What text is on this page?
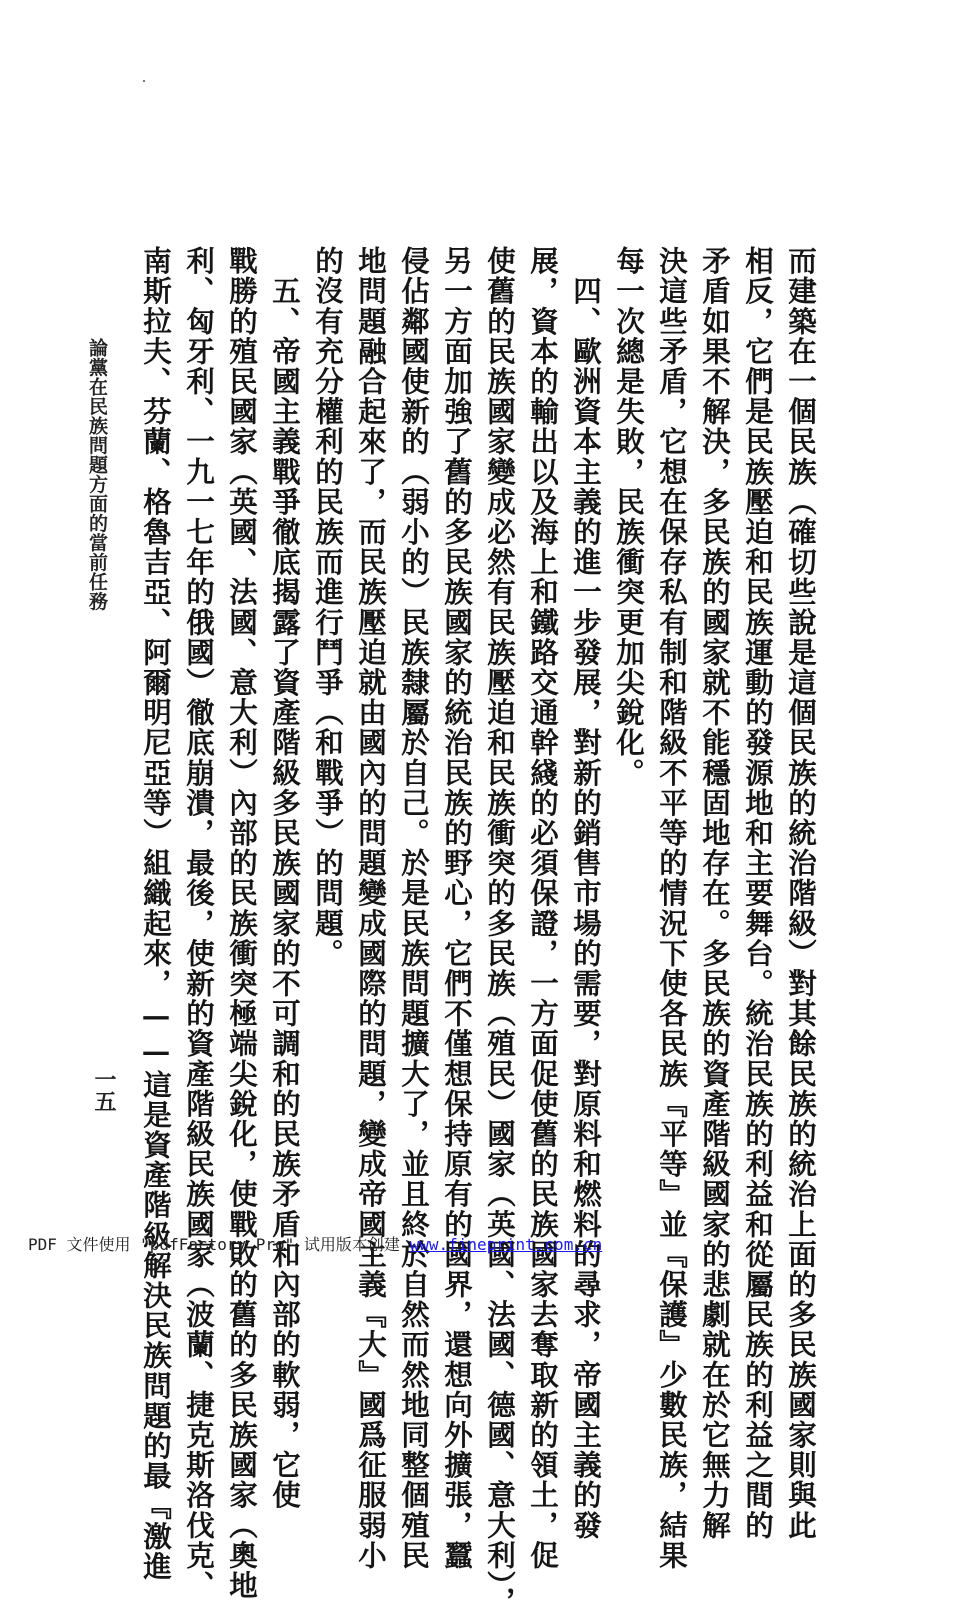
而建築在一個民族（確切些說是這個民族的統治階級）對其餘民族的統治上面的多民族國家則與此
相反，它們是民族壓迫和民族運動的發源地和主要舞台。統治民族的利益和從屬民族的利益之間的
矛盾如果不解決，多民族的國家就不能穩固地存在。多民族的資產階級國家的悲劇就在於它無力解
決這些矛盾，它想在保存私有制和階級不平等的情況下使各民族『平等』並『保護』少數民族，結果
每一次總是失敗，民族衝突更加尖銳化。
　四、歐洲資本主義的進一步發展，對新的銷售市場的需要，對原料和燃料的尋求，帝國主義的發
展，資本的輸出以及海上和鐵路交通幹綫的必須保證，一方面促使舊的民族國家去奪取新的領土，促
使舊的民族國家變成必然有民族壓迫和民族衝突的多民族（殖民）國家（英國、法國、德國、意大利），
另一方面加強了舊的多民族國家的統治民族的野心，它們不僅想保持原有的國界，還想向外擴張，蠶
侵佔鄰國使新的（弱小的）民族隸屬於自己。於是民族問題擴大了，並且終於自然而然地同整個殖民
地問題融合起來了，而民族壓迫就由國內的問題變成國際的問題，變成帝國主義『大』國爲征服弱小
的沒有充分權利的民族而進行鬥爭（和戰爭）的問題。
　五、帝國主義戰爭徹底揭露了資產階級多民族國家的不可調和的民族矛盾和內部的軟弱，它使
戰勝的殖民國家（英國、法國、意大利）內部的民族衝突極端尖銳化，使戰敗的舊的多民族國家（奧地
利、匈牙利、一九一七年的俄國）徹底崩潰，最後，使新的資產階級民族國家（波蘭、捷克斯洛伐克、
南斯拉夫、芬蘭、格魯吉亞、阿爾明尼亞等）組織起來，——這是資產階級解決民族問題的最『激進
論黨在民族問題方面的當前任務
一五
PDF 文件使用 "pdfFactory Pro" 试用版本创建 www.fineprint.com.cn
